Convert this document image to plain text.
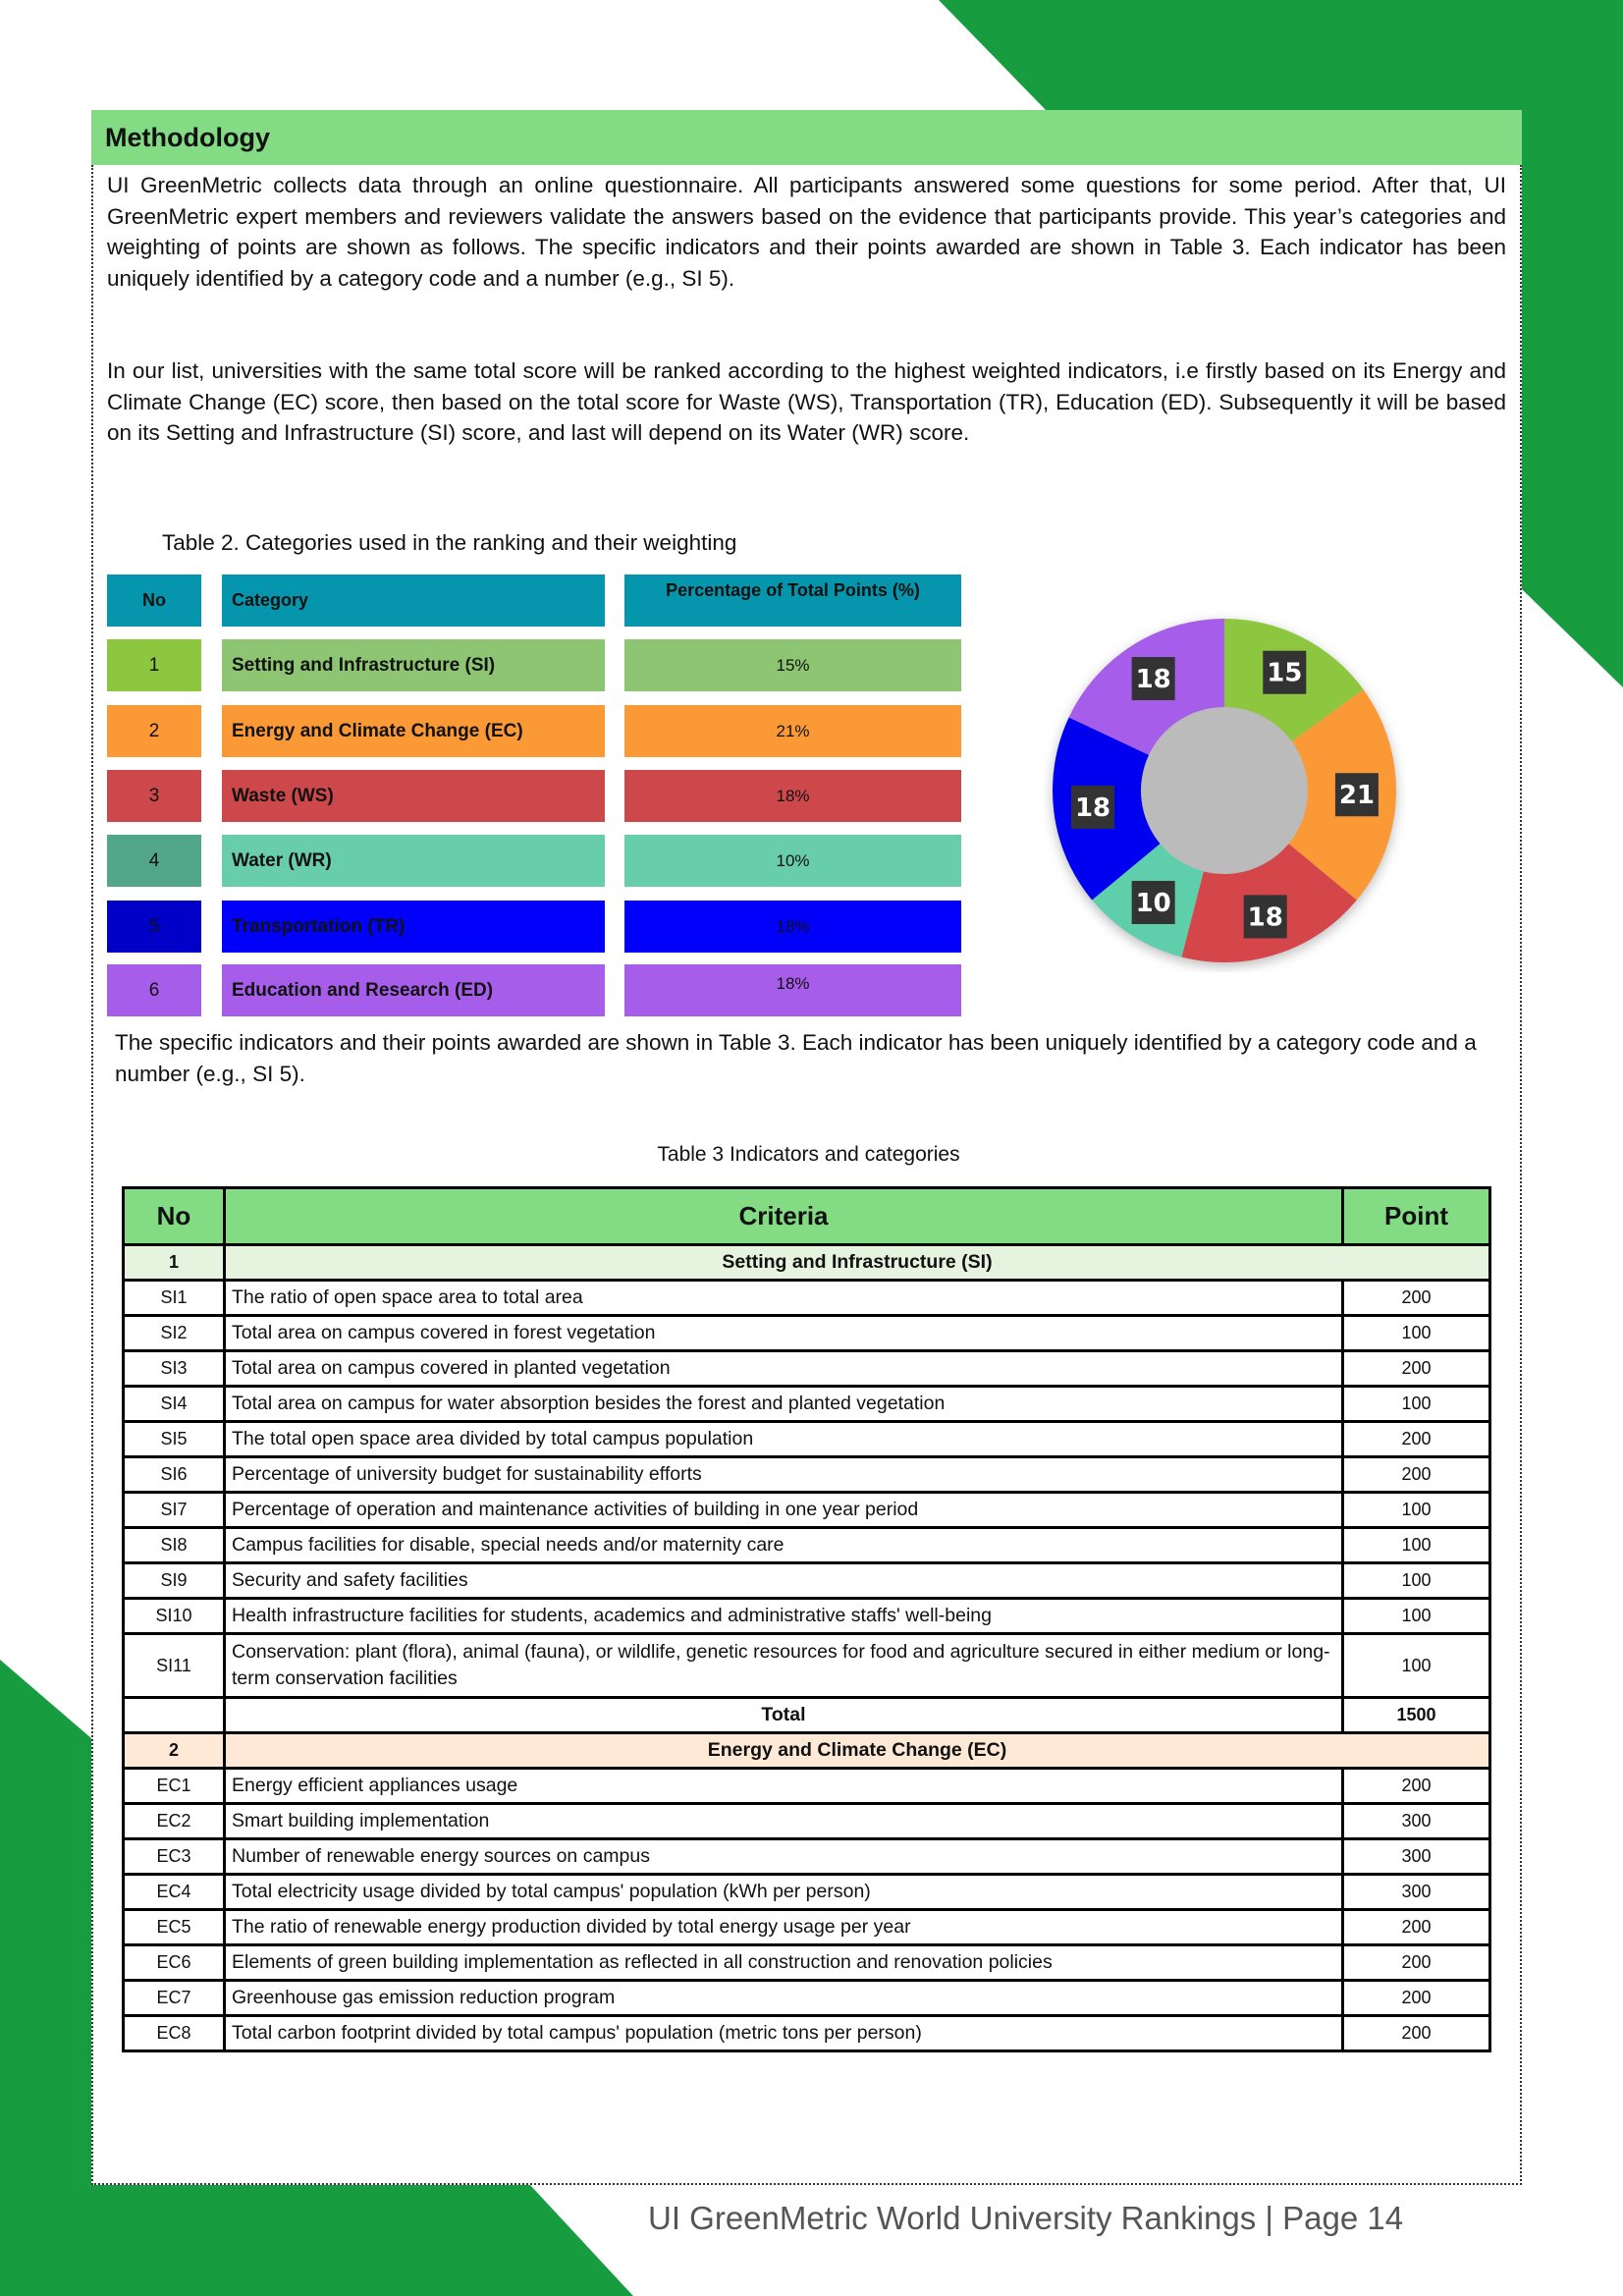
Methodology

UI GreenMetric collects data through an online questionnaire. All participants answered some questions for some period. After that, UI GreenMetric expert members and reviewers validate the answers based on the evidence that participants provide. This year’s categories and weighting of points are shown as follows. The specific indicators and their points awarded are shown in Table 3. Each indicator has been uniquely identified by a category code and a number (e.g., SI 5).

In our list, universities with the same total score will be ranked according to the highest weighted indicators, i.e firstly based on its Energy and Climate Change (EC) score, then based on the total score for Waste (WS), Transportation (TR), Education (ED). Subsequently it will be based on its Setting and Infrastructure (SI) score, and last will depend on its Water (WR) score.

Table 2. Categories used in the ranking and their weighting
No	Category	Percentage of Total Points (%)
1	Setting and Infrastructure (SI)	15%
2	Energy and Climate Change (EC)	21%
3	Waste (WS)	18%
4	Water (WR)	10%
5	Transportation (TR)	18%
6	Education and Research (ED)	18%
15
21
18
10
18
18

The specific indicators and their points awarded are shown in Table 3. Each indicator has been uniquely identified by a category code and a number (e.g., SI 5).

Table 3 Indicators and categories
No	Criteria	Point
1	Setting and Infrastructure (SI)	
SI1	The ratio of open space area to total area	200
SI2	Total area on campus covered in forest vegetation	100
SI3	Total area on campus covered in planted vegetation	200
SI4	Total area on campus for water absorption besides the forest and planted vegetation	100
SI5	The total open space area divided by total campus population	200
SI6	Percentage of university budget for sustainability efforts	200
SI7	Percentage of operation and maintenance activities of building in one year period	100
SI8	Campus facilities for disable, special needs and/or maternity care	100
SI9	Security and safety facilities	100
SI10	Health infrastructure facilities for students, academics and administrative staffs' well-being	100
SI11	Conservation: plant (flora), animal (fauna), or wildlife, genetic resources for food and agriculture secured in either medium or long-term conservation facilities	100
	Total	1500
2	Energy and Climate Change (EC)	
EC1	Energy efficient appliances usage	200
EC2	Smart building implementation	300
EC3	Number of renewable energy sources on campus	300
EC4	Total electricity usage divided by total campus' population (kWh per person)	300
EC5	The ratio of renewable energy production divided by total energy usage per year	200
EC6	Elements of green building implementation as reflected in all construction and renovation policies	200
EC7	Greenhouse gas emission reduction program	200
EC8	Total carbon footprint divided by total campus' population (metric tons per person)	200
UI GreenMetric World University Rankings | Page 14
